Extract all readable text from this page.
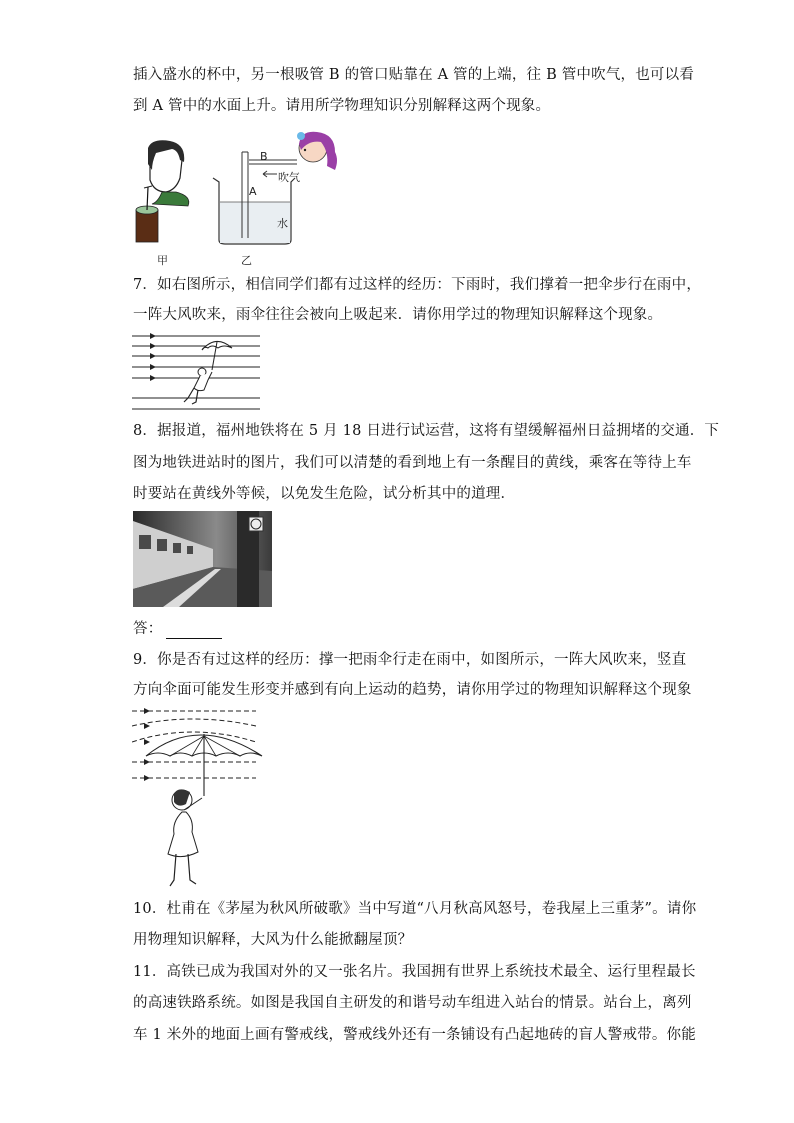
插入盛水的杯中，另一根吸管 B 的管口贴靠在 A 管的上端，往 B 管中吹气，也可以看
到 A 管中的水面上升。请用所学物理知识分别解释这两个现象。
甲
B
A
吹气
水
乙
7．如右图所示，相信同学们都有过这样的经历：下雨时，我们撑着一把伞步行在雨中，
一阵大风吹来，雨伞往往会被向上吸起来．请你用学过的物理知识解释这个现象。
8．据报道，福州地铁将在 5 月 18 日进行试运营，这将有望缓解福州日益拥堵的交通．下
图为地铁进站时的图片，我们可以清楚的看到地上有一条醒目的黄线，乘客在等待上车
时要站在黄线外等候，以免发生危险，试分析其中的道理．
答：
9．你是否有过这样的经历：撑一把雨伞行走在雨中，如图所示，一阵大风吹来，竖直
方向伞面可能发生形变并感到有向上运动的趋势，请你用学过的物理知识解释这个现象
10．杜甫在《茅屋为秋风所破歌》当中写道“八月秋高风怒号，卷我屋上三重茅”。请你
用物理知识解释，大风为什么能掀翻屋顶？
11．高铁已成为我国对外的又一张名片。我国拥有世界上系统技术最全、运行里程最长
的高速铁路系统。如图是我国自主研发的和谐号动车组进入站台的情景。站台上，离列
车 1 米外的地面上画有警戒线，警戒线外还有一条铺设有凸起地砖的盲人警戒带。你能
